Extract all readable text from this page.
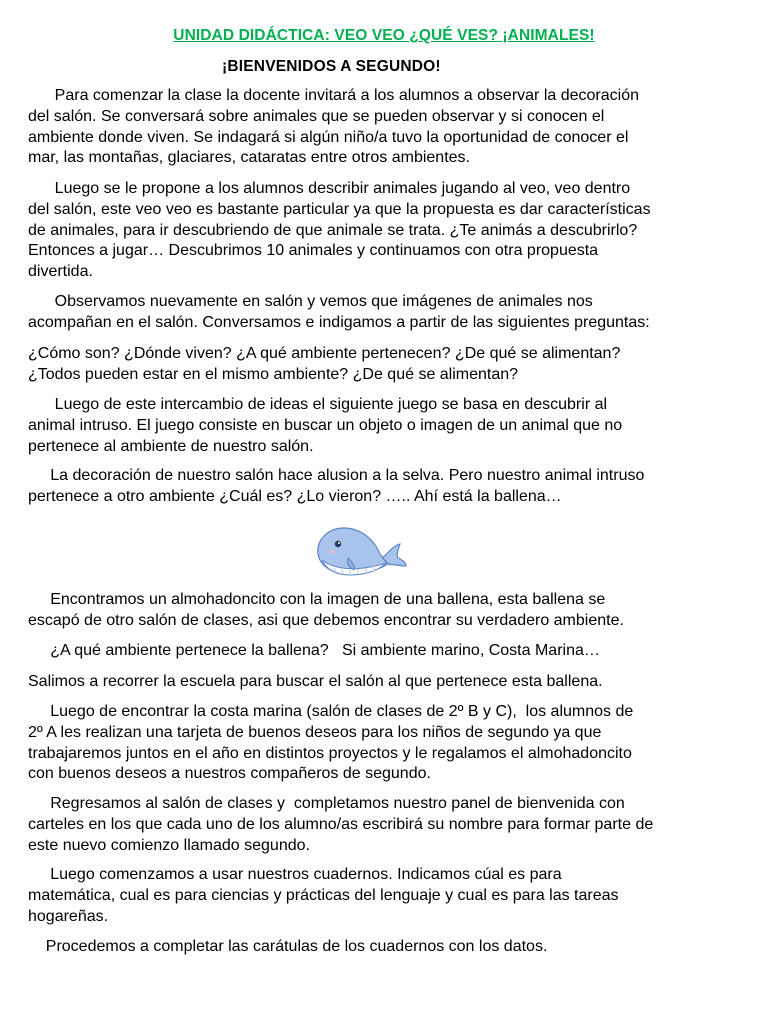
UNIDAD DIDÁCTICA: VEO VEO ¿QUÉ VES? ¡ANIMALES!
¡BIENVENIDOS A SEGUNDO!

Para comenzar la clase la docente invitará a los alumnos a observar la decoración
del salón. Se conversará sobre animales que se pueden observar y si conocen el
ambiente donde viven. Se indagará si algún niño/a tuvo la oportunidad de conocer el
mar, las montañas, glaciares, cataratas entre otros ambientes.

Luego se le propone a los alumnos describir animales jugando al veo, veo dentro
del salón, este veo veo es bastante particular ya que la propuesta es dar características
de animales, para ir descubriendo de que animale se trata. ¿Te animás a descubrirlo?
Entonces a jugar… Descubrimos 10 animales y continuamos con otra propuesta
divertida.

Observamos nuevamente en salón y vemos que imágenes de animales nos
acompañan en el salón. Conversamos e indigamos a partir de las siguientes preguntas:

¿Cómo son? ¿Dónde viven? ¿A qué ambiente pertenecen? ¿De qué se alimentan?
¿Todos pueden estar en el mismo ambiente? ¿De qué se alimentan?

Luego de este intercambio de ideas el siguiente juego se basa en descubrir al
animal intruso. El juego consiste en buscar un objeto o imagen de un animal que no
pertenece al ambiente de nuestro salón.

La decoración de nuestro salón hace alusion a la selva. Pero nuestro animal intruso
pertenece a otro ambiente ¿Cuál es? ¿Lo vieron? ….. Ahí está la ballena…

Encontramos un almohadoncito con la imagen de una ballena, esta ballena se
escapó de otro salón de clases, asi que debemos encontrar su verdadero ambiente.

¿A qué ambiente pertenece la ballena?   Si ambiente marino, Costa Marina…

Salimos a recorrer la escuela para buscar el salón al que pertenece esta ballena.

Luego de encontrar la costa marina (salón de clases de 2º B y C),  los alumnos de
2º A les realizan una tarjeta de buenos deseos para los niños de segundo ya que
trabajaremos juntos en el año en distintos proyectos y le regalamos el almohadoncito
con buenos deseos a nuestros compañeros de segundo.

Regresamos al salón de clases y  completamos nuestro panel de bienvenida con
carteles en los que cada uno de los alumno/as escribirá su nombre para formar parte de
este nuevo comienzo llamado segundo.

Luego comenzamos a usar nuestros cuadernos. Indicamos cúal es para
matemática, cual es para ciencias y prácticas del lenguaje y cual es para las tareas
hogareñas.

Procedemos a completar las carátulas de los cuadernos con los datos.
